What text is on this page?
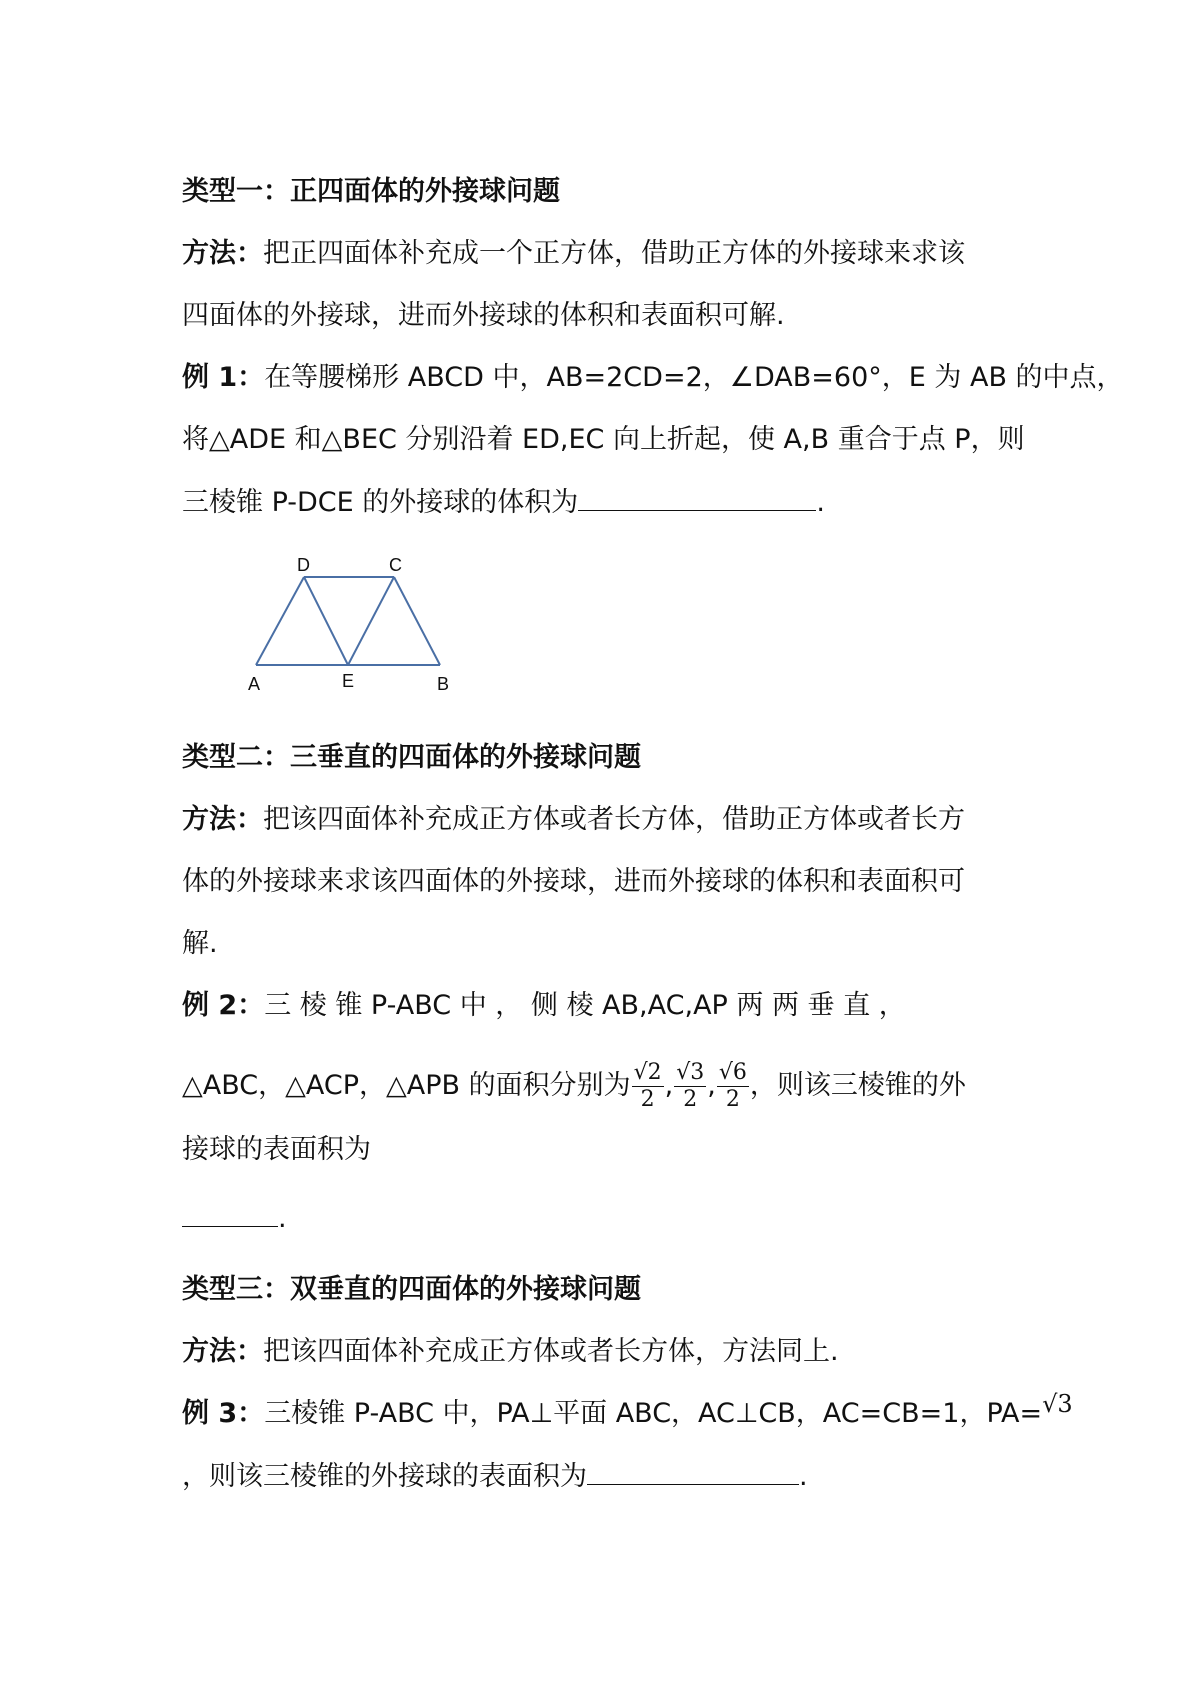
类型一：正四面体的外接球问题
方法：把正四面体补充成一个正方体，借助正方体的外接球来求该
四面体的外接球，进而外接球的体积和表面积可解.
例 1：在等腰梯形 ABCD 中，AB=2CD=2，∠DAB=60°，E 为 AB 的中点，
将△ADE 和△BEC 分别沿着 ED,EC 向上折起，使 A,B 重合于点 P，则
三棱锥 P-DCE 的外接球的体积为	.
D	C
A	E	B
类型二：三垂直的四面体的外接球问题
方法：把该四面体补充成正方体或者长方体，借助正方体或者长方
体的外接球来求该四面体的外接球，进而外接球的体积和表面积可
解.
例 2：三 棱 锥 P-ABC 中 ， 侧 棱 AB,AC,AP 两 两 垂 直 ，
△ABC，△ACP，△APB 的面积分别为 $\frac{√2}{2}$ , $\frac{√3}{2}$ , $\frac{√6}{2}$ ，则该三棱锥的外
接球的表面积为
.
类型三：双垂直的四面体的外接球问题
方法：把该四面体补充成正方体或者长方体，方法同上.
例 3：三棱锥 P-ABC 中，PA⊥平面 ABC，AC⊥CB，AC=CB=1，PA=√3
，则该三棱锥的外接球的表面积为	.
